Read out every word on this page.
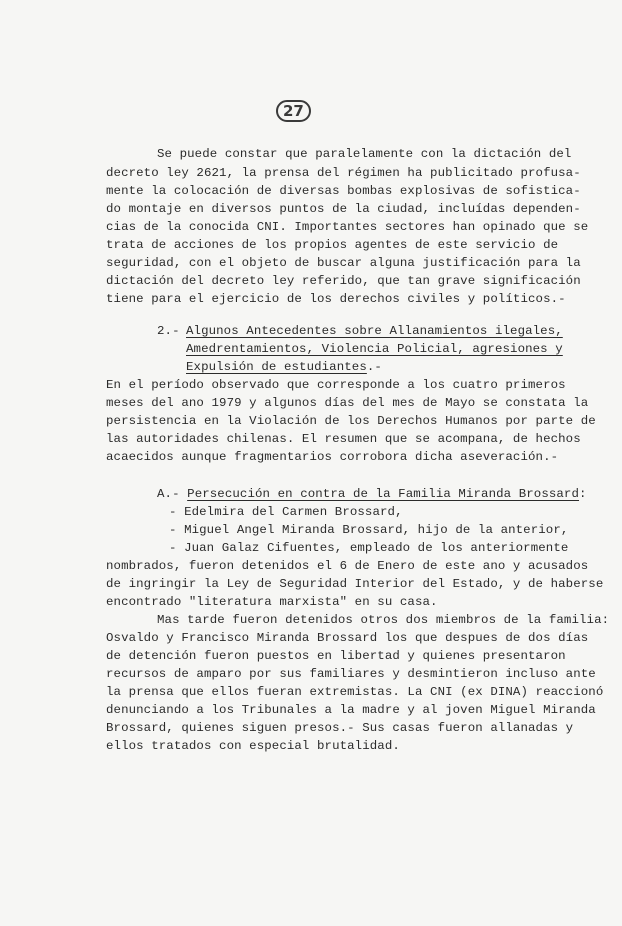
27
Se puede constar que paralelamente con la dictación del
decreto ley 2621, la prensa del régimen ha publicitado profusa-
mente la colocación de diversas bombas explosivas de sofistica-
do montaje en diversos puntos de la ciudad, incluídas dependen-
cias de la conocida CNI. Importantes sectores han opinado que se
trata de acciones de los propios agentes de este servicio de
seguridad, con el objeto de buscar alguna justificación para la
dictación del decreto ley referido, que tan grave significación
tiene para el ejercicio de los derechos civiles y políticos.-
2.- Algunos Antecedentes sobre Allanamientos ilegales,
Amedrentamientos, Violencia Policial, agresiones y
Expulsión de estudiantes.-
En el período observado que corresponde a los cuatro primeros
meses del ano 1979 y algunos días del mes de Mayo se constata la
persistencia en la Violación de los Derechos Humanos por parte de
las autoridades chilenas. El resumen que se acompana, de hechos
acaecidos aunque fragmentarios corrobora dicha aseveración.-
A.- Persecución en contra de la Familia Miranda Brossard:
- Edelmira del Carmen Brossard,
- Miguel Angel Miranda Brossard, hijo de la anterior,
- Juan Galaz Cifuentes, empleado de los anteriormente
nombrados, fueron detenidos el 6 de Enero de este ano y acusados
de ingringir la Ley de Seguridad Interior del Estado, y de haberse
encontrado "literatura marxista" en su casa.
Mas tarde fueron detenidos otros dos miembros de la familia:
Osvaldo y Francisco Miranda Brossard los que despues de dos días
de detención fueron puestos en libertad y quienes presentaron
recursos de amparo por sus familiares y desmintieron incluso ante
la prensa que ellos fueran extremistas. La CNI (ex DINA) reaccionó
denunciando a los Tribunales a la madre y al joven Miguel Miranda
Brossard, quienes siguen presos.- Sus casas fueron allanadas y
ellos tratados con especial brutalidad.
